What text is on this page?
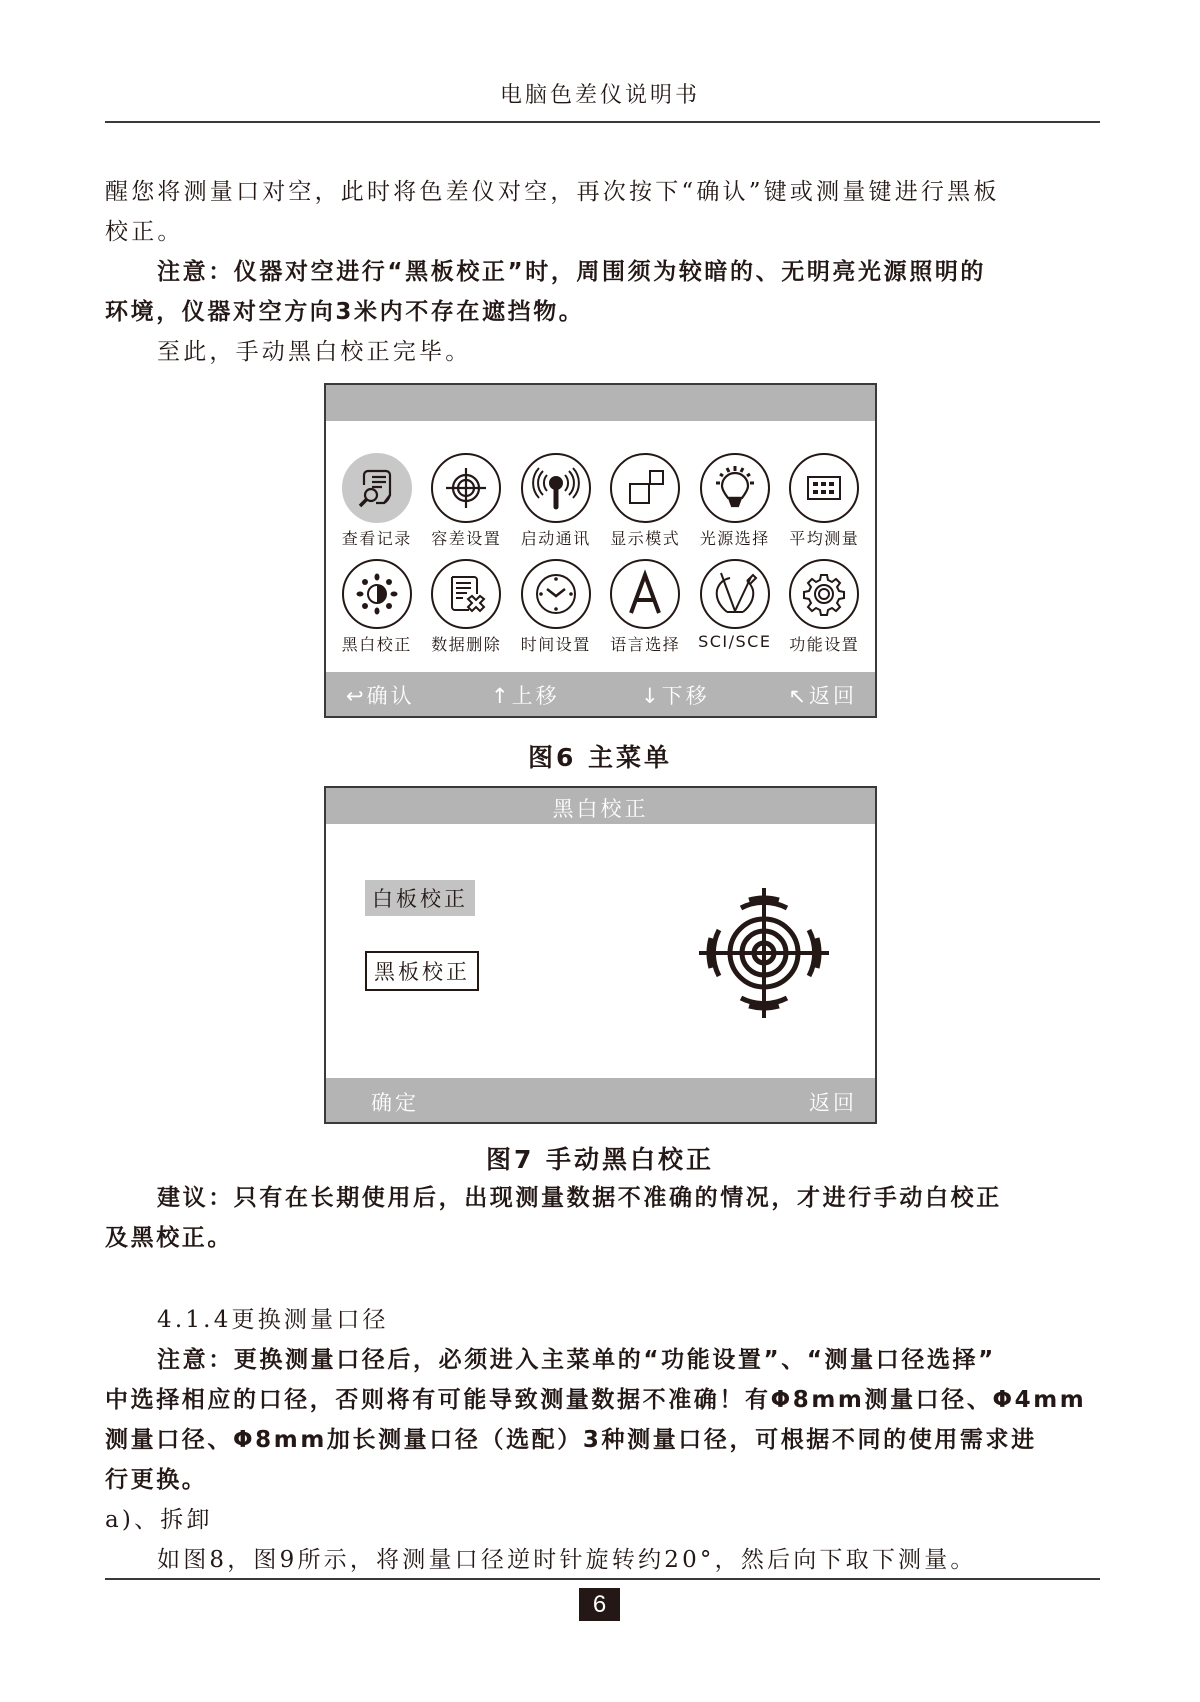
电脑色差仪说明书
醒您将测量口对空，此时将色差仪对空，再次按下“确认”键或测量键进行黑板
校正。
注意：仪器对空进行“黑板校正”时，周围须为较暗的、无明亮光源照明的
环境，仪器对空方向3米内不存在遮挡物。
至此，手动黑白校正完毕。
查看记录 容差设置 启动通讯 显示模式 光源选择 平均测量
黑白校正 数据删除 时间设置 语言选择 SCI/SCE 功能设置
↩确认	↑上移	↓下移	↖返回
图6 主菜单
黑白校正
白板校正
黑板校正
确定	返回
图7 手动黑白校正
建议：只有在长期使用后，出现测量数据不准确的情况，才进行手动白校正
及黑校正。
4.1.4更换测量口径
注意：更换测量口径后，必须进入主菜单的“功能设置”、“测量口径选择”
中选择相应的口径，否则将有可能导致测量数据不准确！有Φ8mm测量口径、Φ4mm
测量口径、Φ8mm加长测量口径（选配）3种测量口径，可根据不同的使用需求进
行更换。
a)、拆卸
如图8，图9所示，将测量口径逆时针旋转约20°，然后向下取下测量。
6
